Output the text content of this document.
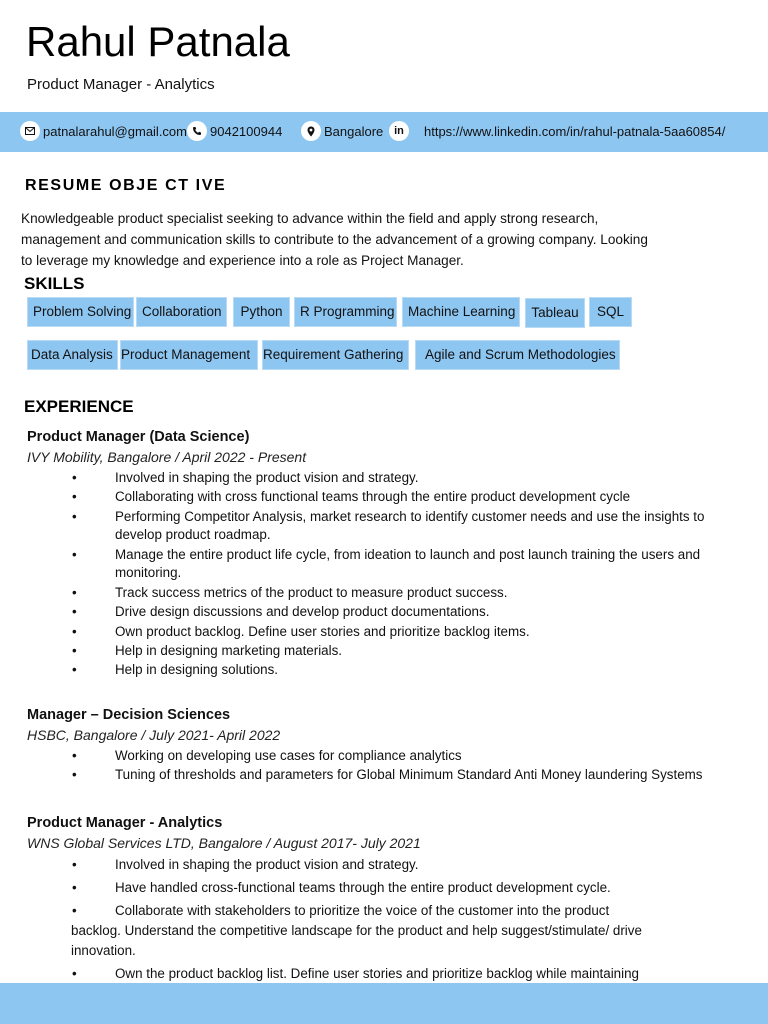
Rahul Patnala
Product Manager - Analytics
patnalarahul@gmail.com 9042100944	Bangalore in	https://www.linkedin.com/in/rahul-patnala-5aa60854/
RESUME OBJE CT IVE
Knowledgeable product specialist seeking to advance within the field and apply strong research,
management and communication skills to contribute to the advancement of a growing company. Looking
to leverage my knowledge and experience into a role as Project Manager.
SKILLS
Problem Solving Collaboration	Python	R Programming Machine Learning	Tableau	SQL
Data Analysis Product Management Requirement Gathering	Agile and Scrum Methodologies
EXPERIENCE
Product Manager (Data Science)
IVY Mobility, Bangalore / April 2022 - Present
•	Involved in shaping the product vision and strategy.
•	Collaborating with cross functional teams through the entire product development cycle
•	Performing Competitor Analysis, market research to identify customer needs and use the insights to
develop product roadmap.
•	Manage the entire product life cycle, from ideation to launch and post launch training the users and
monitoring.
•	Track success metrics of the product to measure product success.
•	Drive design discussions and develop product documentations.
•	Own product backlog. Define user stories and prioritize backlog items.
•	Help in designing marketing materials.
•	Help in designing solutions.
Manager – Decision Sciences
HSBC, Bangalore / July 2021- April 2022
•	Working on developing use cases for compliance analytics
•	Tuning of thresholds and parameters for Global Minimum Standard Anti Money laundering Systems
Product Manager - Analytics
WNS Global Services LTD, Bangalore / August 2017- July 2021
•	Involved in shaping the product vision and strategy.
•	Have handled cross-functional teams through the entire product development cycle.
•	Collaborate with stakeholders to prioritize the voice of the customer into the product
backlog. Understand the competitive landscape for the product and help suggest/stimulate/ drive
innovation.
•	Own the product backlog list. Define user stories and prioritize backlog while maintaining
